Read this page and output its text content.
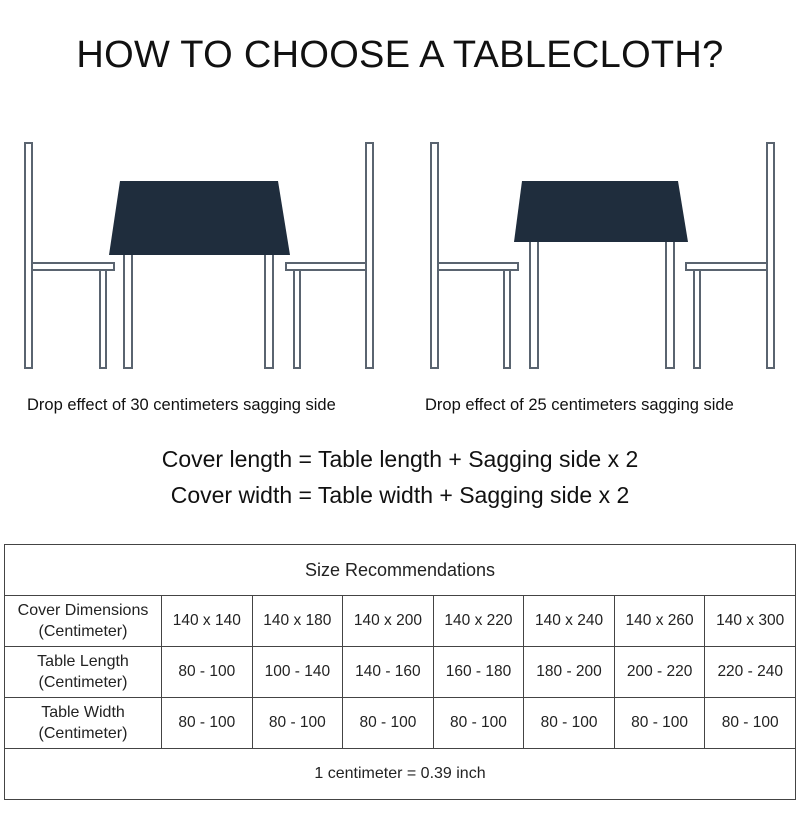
HOW TO CHOOSE A TABLECLOTH?
Drop effect of 30 centimeters sagging side	Drop effect of 25 centimeters sagging side
Cover length = Table length + Sagging side x 2
Cover width = Table width + Sagging side x 2
Size Recommendations							
Cover Dimensions
(Centimeter)	140 x 140	140 x 180	140 x 200	140 x 220	140 x 240	140 x 260	140 x 300
Table Length
(Centimeter)	80 - 100	100 - 140	140 - 160	160 - 180	180 - 200	200 - 220	220 - 240
Table Width
(Centimeter)	80 - 100	80 - 100	80 - 100	80 - 100	80 - 100	80 - 100	80 - 100
1 centimeter = 0.39 inch							
